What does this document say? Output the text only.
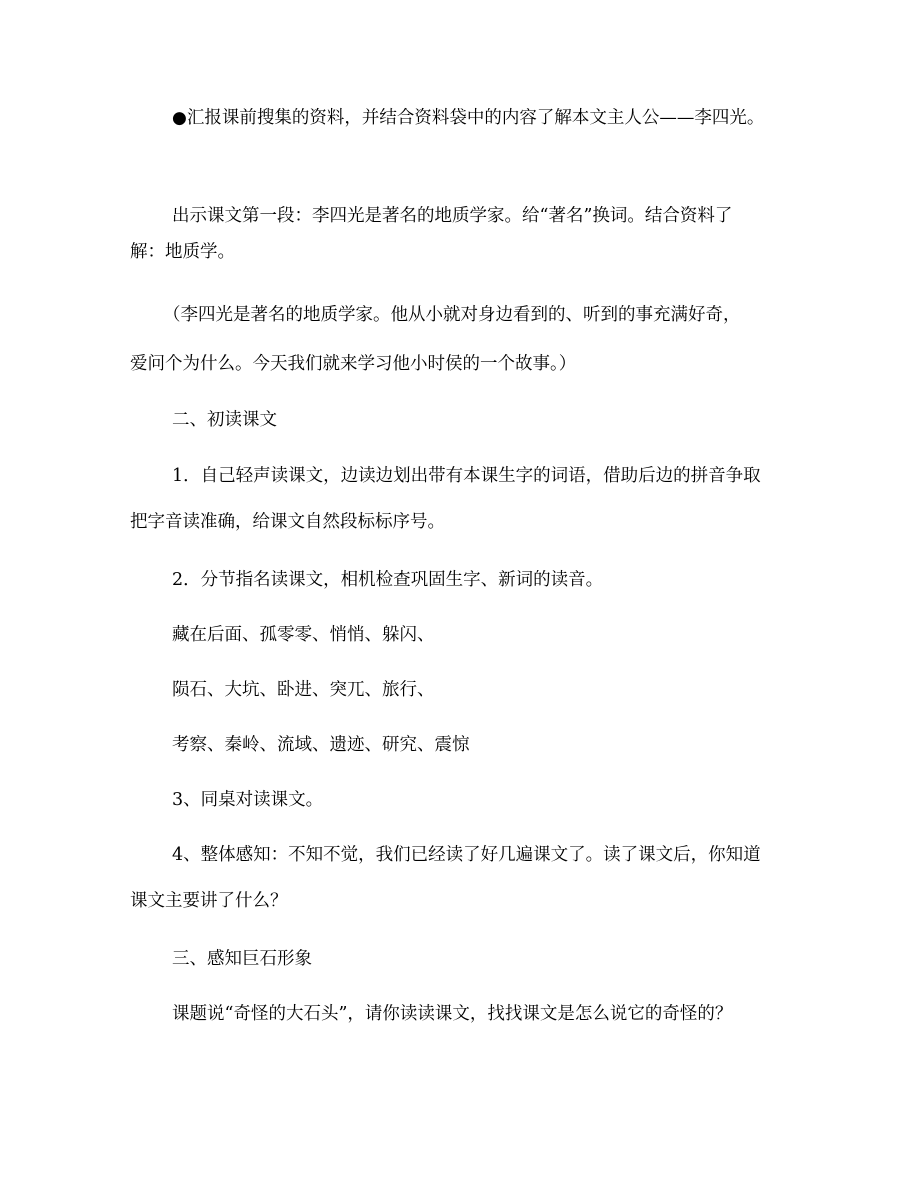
●汇报课前搜集的资料，并结合资料袋中的内容了解本文主人公——李四光。
出示课文第一段：李四光是著名的地质学家。给“著名”换词。结合资料了
解：地质学。
（李四光是著名的地质学家。他从小就对身边看到的、听到的事充满好奇，
爱问个为什么。今天我们就来学习他小时侯的一个故事。）
二、初读课文
1．自己轻声读课文，边读边划出带有本课生字的词语，借助后边的拼音争取
把字音读准确，给课文自然段标标序号。
2．分节指名读课文，相机检查巩固生字、新词的读音。
藏在后面、孤零零、悄悄、躲闪、
陨石、大坑、卧进、突兀、旅行、
考察、秦岭、流域、遗迹、研究、震惊
3、同桌对读课文。
4、整体感知：不知不觉，我们已经读了好几遍课文了。读了课文后，你知道
课文主要讲了什么？
三、感知巨石形象
课题说“奇怪的大石头”，请你读读课文，找找课文是怎么说它的奇怪的？
